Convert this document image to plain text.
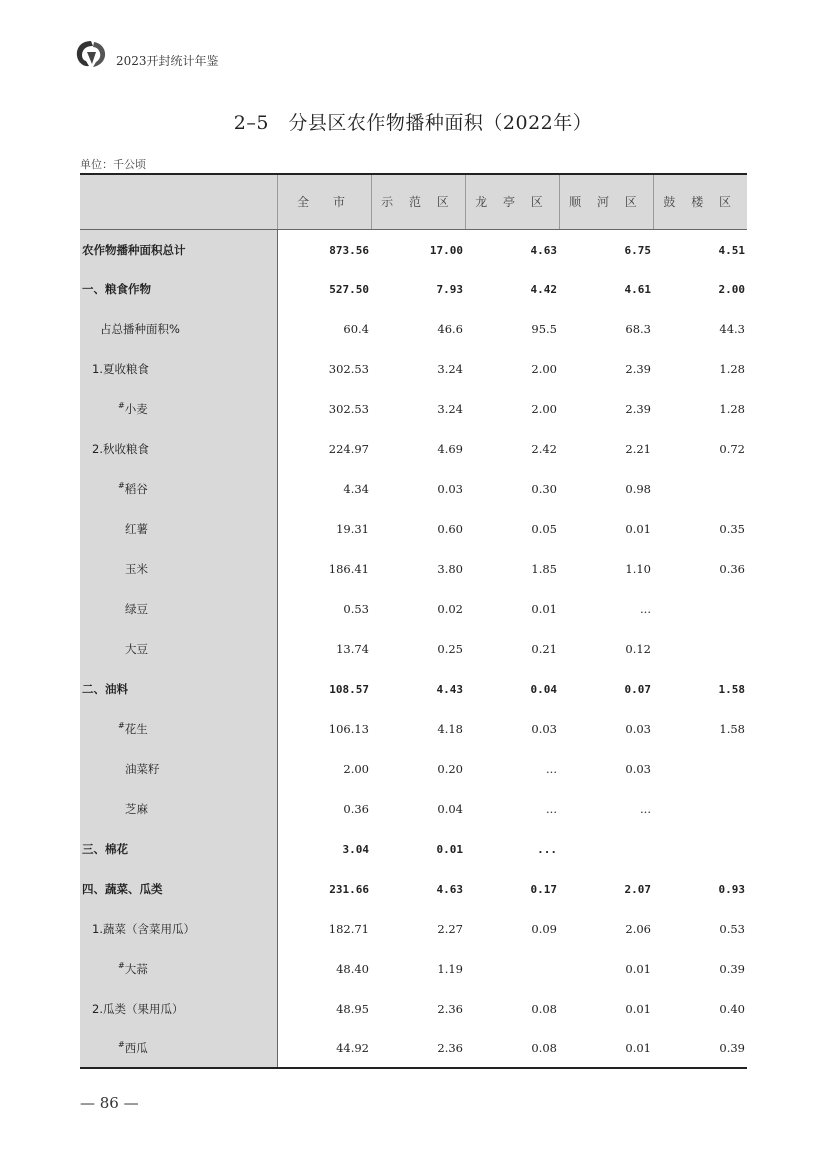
2023开封统计年鉴
2–5　分县区农作物播种面积（2022年）
单位：千公顷
	全　市	示 范 区	龙 亭 区	顺 河 区	鼓 楼 区
农作物播种面积总计	873.56	17.00	4.63	6.75	4.51
一、粮食作物	527.50	7.93	4.42	4.61	2.00
占总播种面积%	60.4	46.6	95.5	68.3	44.3
1.夏收粮食	302.53	3.24	2.00	2.39	1.28
#小麦	302.53	3.24	2.00	2.39	1.28
2.秋收粮食	224.97	4.69	2.42	2.21	0.72
#稻谷	4.34	0.03	0.30	0.98	
红薯	19.31	0.60	0.05	0.01	0.35
玉米	186.41	3.80	1.85	1.10	0.36
绿豆	0.53	0.02	0.01	...	
大豆	13.74	0.25	0.21	0.12	
二、油料	108.57	4.43	0.04	0.07	1.58
#花生	106.13	4.18	0.03	0.03	1.58
油菜籽	2.00	0.20	...	0.03	
芝麻	0.36	0.04	...	...	
三、棉花	3.04	0.01	...		
四、蔬菜、瓜类	231.66	4.63	0.17	2.07	0.93
1.蔬菜（含菜用瓜）	182.71	2.27	0.09	2.06	0.53
#大蒜	48.40	1.19		0.01	0.39
2.瓜类（果用瓜）	48.95	2.36	0.08	0.01	0.40
#西瓜	44.92	2.36	0.08	0.01	0.39
— 86 —
